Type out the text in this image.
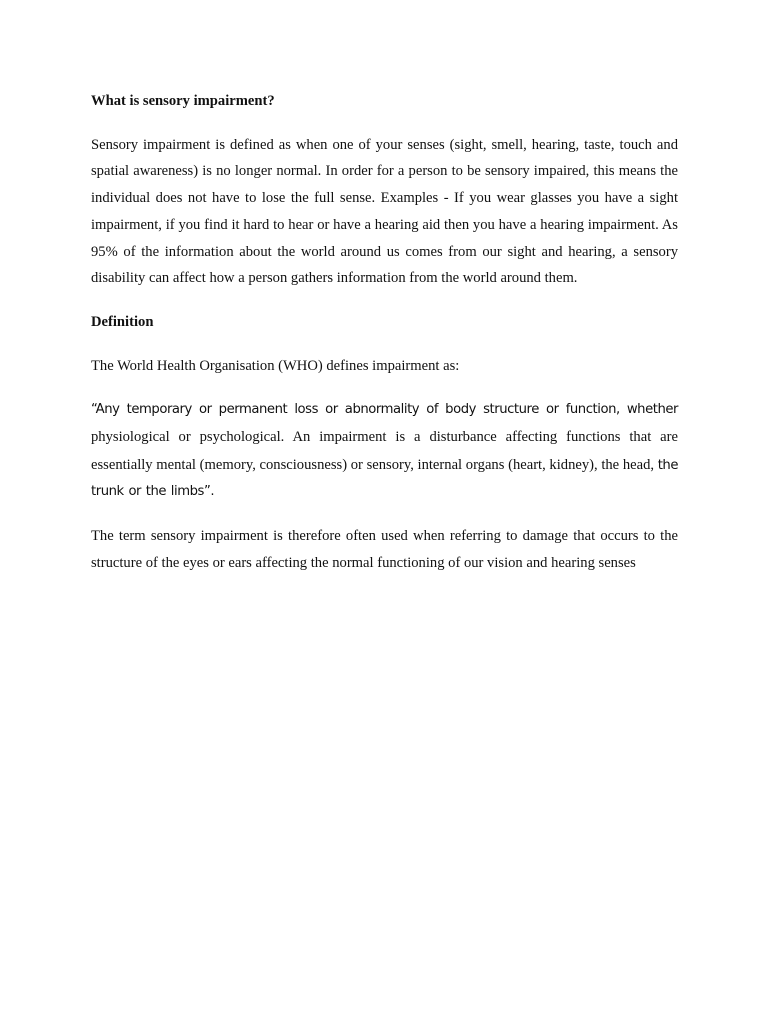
What is sensory impairment?

Sensory impairment is defined as when one of your senses (sight, smell, hearing, taste, touch and spatial awareness) is no longer normal. In order for a person to be sensory impaired, this means the individual does not have to lose the full sense. Examples - If you wear glasses you have a sight impairment, if you find it hard to hear or have a hearing aid then you have a hearing impairment. As 95% of the information about the world around us comes from our sight and hearing, a sensory disability can affect how a person gathers information from the world around them.

Definition

The World Health Organisation (WHO) defines impairment as:

“Any temporary or permanent loss or abnormality of body structure or function, whether physiological or psychological. An impairment is a disturbance affecting functions that are essentially mental (memory, consciousness) or sensory, internal organs (heart, kidney), the head, the trunk or the limbs”.

The term sensory impairment is therefore often used when referring to damage that occurs to the structure of the eyes or ears affecting the normal functioning of our vision and hearing senses
